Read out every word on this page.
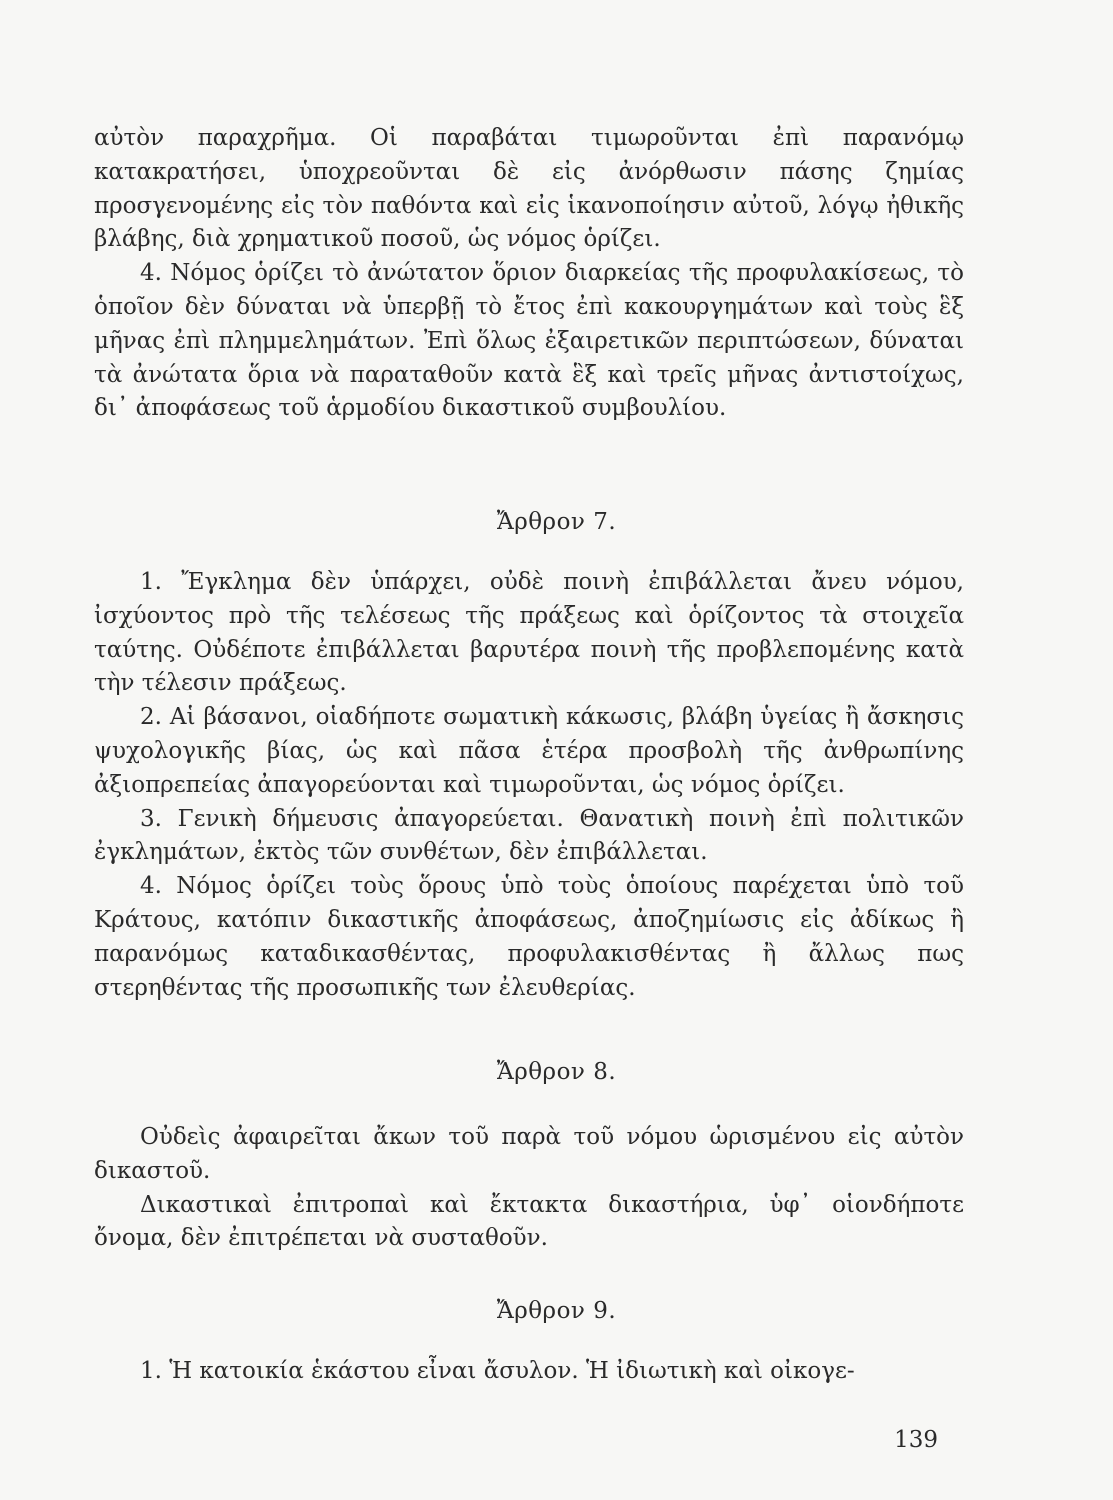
αὐτὸν παραχρῆμα. Οἱ παραβάται τιμωροῦνται ἐπὶ παρανόμῳ κατακρατήσει, ὑποχρεοῦνται δὲ εἰς ἀνόρθωσιν πάσης ζημίας προσγενομένης εἰς τὸν παθόντα καὶ εἰς ἱκανοποίησιν αὐτοῦ, λόγῳ ἠθικῆς βλάβης, διὰ χρηματικοῦ ποσοῦ, ὡς νόμος ὁρίζει.

4. Νόμος ὁρίζει τὸ ἀνώτατον ὅριον διαρκείας τῆς προφυλακίσεως, τὸ ὁποῖον δὲν δύναται νὰ ὑπερβῇ τὸ ἔτος ἐπὶ κακουργημάτων καὶ τοὺς ἓξ μῆνας ἐπὶ πλημμελημάτων. Ἐπὶ ὅλως ἐξαιρετικῶν περιπτώσεων, δύναται τὰ ἀνώτατα ὅρια νὰ παραταθοῦν κατὰ ἓξ καὶ τρεῖς μῆνας ἀντιστοίχως, δι᾽ ἀποφάσεως τοῦ ἁρμοδίου δικαστικοῦ συμβουλίου.

Ἄρθρον 7.

1. Ἔγκλημα δὲν ὑπάρχει, οὐδὲ ποινὴ ἐπιβάλλεται ἄνευ νόμου, ἰσχύοντος πρὸ τῆς τελέσεως τῆς πράξεως καὶ ὁρίζοντος τὰ στοιχεῖα ταύτης. Οὐδέποτε ἐπιβάλλεται βαρυτέρα ποινὴ τῆς προβλεπομένης κατὰ τὴν τέλεσιν πράξεως.

2. Αἱ βάσανοι, οἱαδήποτε σωματικὴ κάκωσις, βλάβη ὑγείας ἢ ἄσκησις ψυχολογικῆς βίας, ὡς καὶ πᾶσα ἑτέρα προσβολὴ τῆς ἀνθρωπίνης ἀξιοπρεπείας ἀπαγορεύονται καὶ τιμωροῦνται, ὡς νόμος ὁρίζει.

3. Γενικὴ δήμευσις ἀπαγορεύεται. Θανατικὴ ποινὴ ἐπὶ πολιτικῶν ἐγκλημάτων, ἐκτὸς τῶν συνθέτων, δὲν ἐπιβάλλεται.

4. Νόμος ὁρίζει τοὺς ὅρους ὑπὸ τοὺς ὁποίους παρέχεται ὑπὸ τοῦ Κράτους, κατόπιν δικαστικῆς ἀποφάσεως, ἀποζημίωσις εἰς ἀδίκως ἢ παρανόμως καταδικασθέντας, προφυλακισθέντας ἢ ἄλλως πως στερηθέντας τῆς προσωπικῆς των ἐλευθερίας.

Ἄρθρον 8.

Οὐδεὶς ἀφαιρεῖται ἄκων τοῦ παρὰ τοῦ νόμου ὡρισμένου εἰς αὐτὸν δικαστοῦ.

Δικαστικαὶ ἐπιτροπαὶ καὶ ἔκτακτα δικαστήρια, ὑφ᾽ οἱονδήποτε ὄνομα, δὲν ἐπιτρέπεται νὰ συσταθοῦν.

Ἄρθρον 9.

1. Ἡ κατοικία ἑκάστου εἶναι ἄσυλον. Ἡ ἰδιωτικὴ καὶ οἰκογε-

139
